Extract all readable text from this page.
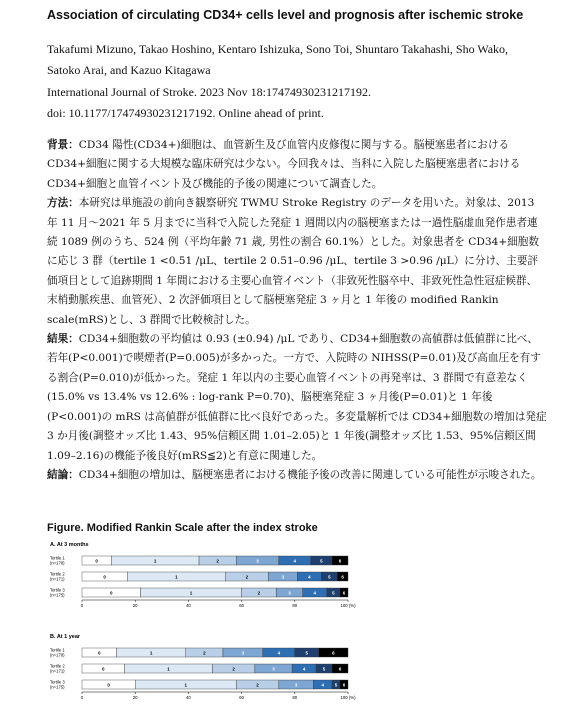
Association of circulating CD34+ cells level and prognosis after ischemic stroke
Takafumi Mizuno, Takao Hoshino, Kentaro Ishizuka, Sono Toi, Shuntaro Takahashi, Sho Wako,
Satoko Arai, and Kazuo Kitagawa
International Journal of Stroke. 2023 Nov 18:17474930231217192.
doi: 10.1177/17474930231217192. Online ahead of print.

背景：CD34 陽性(CD34+)細胞は、血管新生及び血管内皮修復に関与する。脳梗塞患者における CD34+細胞に関する大規模な臨床研究は少ない。今回我々は、当科に入院した脳梗塞患者における CD34+細胞と血管イベント及び機能的予後の関連について調査した。

方法：本研究は単施設の前向き観察研究 TWMU Stroke Registry のデータを用いた。対象は、2013 年 11 月～2021 年 5 月までに当科で入院した発症 1 週間以内の脳梗塞または一過性脳虚血発作患者連続 1089 例のうち、524 例（平均年齢 71 歳, 男性の割合 60.1%）とした。対象患者を CD34+細胞数に応じ 3 群（tertile 1 <0.51 /μL、tertile 2 0.51–0.96 /μL、tertile 3 >0.96 /μL）に分け、主要評価項目として追跡期間 1 年間における主要心血管イベント（非致死性脳卒中、非致死性急性冠症候群、末梢動脈疾患、血管死）、2 次評価項目として脳梗塞発症 3 ヶ月と 1 年後の modified Rankin scale(mRS)とし、3 群間で比較検討した。

結果：CD34+細胞数の平均値は 0.93 (±0.94) /μL であり、CD34+細胞数の高値群は低値群に比べ、若年(P<0.001)で喫煙者(P=0.005)が多かった。一方で、入院時の NIHSS(P=0.01)及び高血圧を有する割合(P=0.010)が低かった。発症 1 年以内の主要心血管イベントの再発率は、3 群間で有意差なく(15.0% vs 13.4% vs 12.6% : log-rank P=0.70)、脳梗塞発症 3 ヶ月後(P=0.01)と 1 年後(P<0.001)の mRS は高値群が低値群に比べ良好であった。多変量解析では CD34+細胞数の増加は発症 3 か月後(調整オッズ比 1.43、95%信頼区間 1.01–2.05)と 1 年後(調整オッズ比 1.53、95%信頼区間 1.09–2.16)の機能予後良好(mRS≦2)と有意に関連した。

結論：CD34+細胞の増加は、脳梗塞患者における機能予後の改善に関連している可能性が示唆された。

Figure. Modified Rankin Scale after the index stroke
A. At 3 months
Tertile 1
(n=178)	0	1	2	3	4	5	6
Tertile 2
(n=171)	0	1	2	3	4	5 6
Tertile 3
(n=175)	0	1	2	3	4	5 6
0	20	40	60	80	100 (%)
B. At 1 year
Tertile 1
(n=178)	0	1	2	3	4	5	6
Tertile 2
(n=171)	0	1	2	3	4	5	6
Tertile 3
(n=175)	0	1	2	3	4 5 6
0	20	40	60	80	100 (%)
